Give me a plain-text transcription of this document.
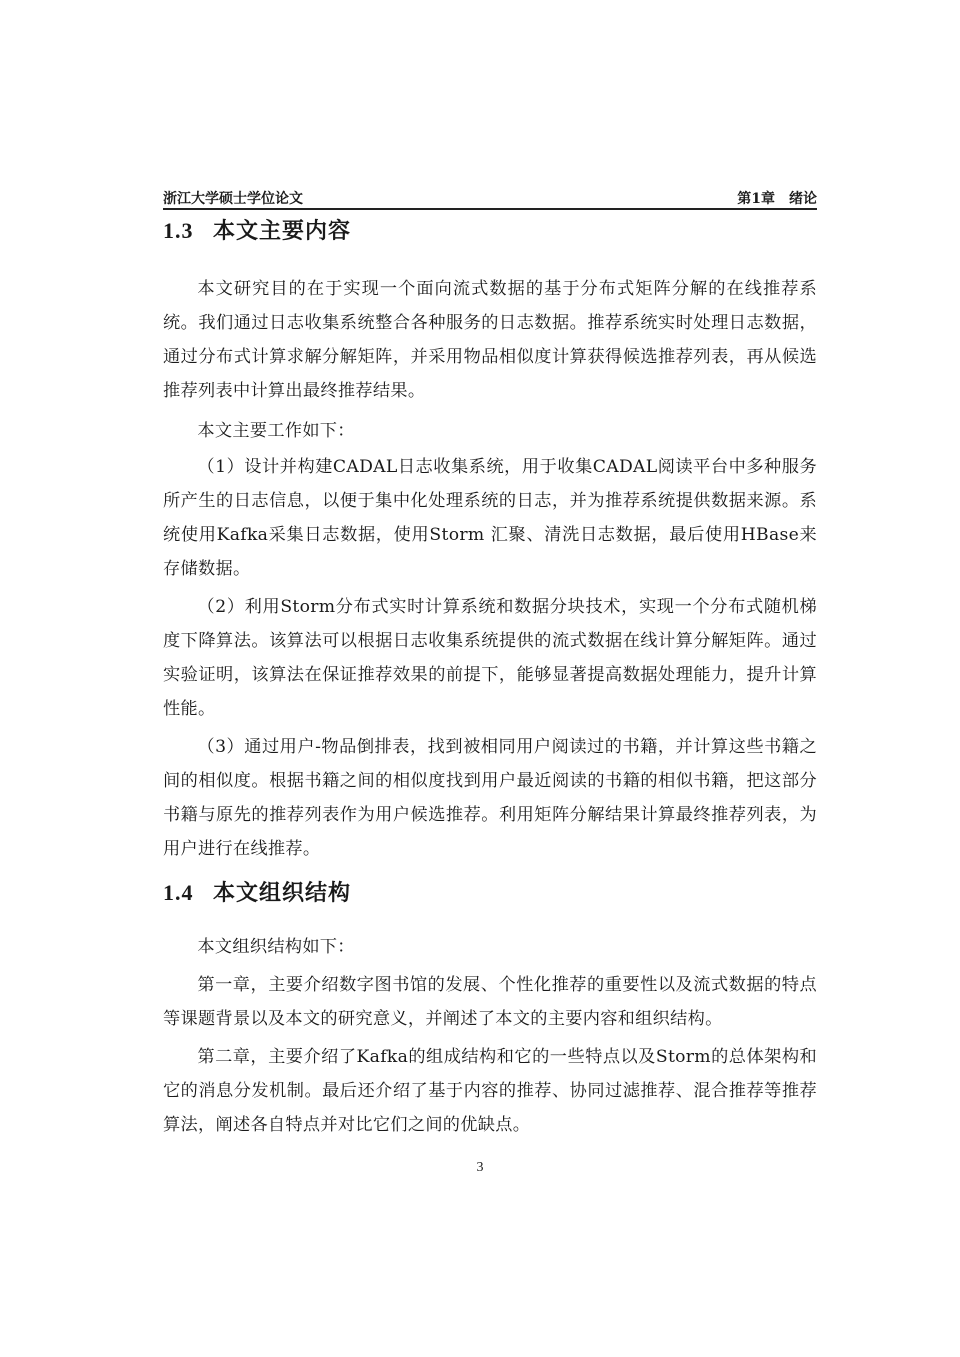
浙江大学硕士学位论文	第1章 绪论
1.3 本文主要内容

本文研究目的在于实现一个面向流式数据的基于分布式矩阵分解的在线推荐系统。我们通过日志收集系统整合各种服务的日志数据。推荐系统实时处理日志数据，通过分布式计算求解分解矩阵，并采用物品相似度计算获得候选推荐列表，再从候选推荐列表中计算出最终推荐结果。

本文主要工作如下：

（1）设计并构建CADAL日志收集系统，用于收集CADAL阅读平台中多种服务所产生的日志信息，以便于集中化处理系统的日志，并为推荐系统提供数据来源。系统使用Kafka采集日志数据，使用Storm 汇聚、清洗日志数据，最后使用HBase来存储数据。

（2）利用Storm分布式实时计算系统和数据分块技术，实现一个分布式随机梯度下降算法。该算法可以根据日志收集系统提供的流式数据在线计算分解矩阵。通过实验证明，该算法在保证推荐效果的前提下，能够显著提高数据处理能力，提升计算性能。

（3）通过用户-物品倒排表，找到被相同用户阅读过的书籍，并计算这些书籍之间的相似度。根据书籍之间的相似度找到用户最近阅读的书籍的相似书籍，把这部分书籍与原先的推荐列表作为用户候选推荐。利用矩阵分解结果计算最终推荐列表，为用户进行在线推荐。

1.4 本文组织结构

本文组织结构如下：

第一章，主要介绍数字图书馆的发展、个性化推荐的重要性以及流式数据的特点等课题背景以及本文的研究意义，并阐述了本文的主要内容和组织结构。

第二章，主要介绍了Kafka的组成结构和它的一些特点以及Storm的总体架构和它的消息分发机制。最后还介绍了基于内容的推荐、协同过滤推荐、混合推荐等推荐算法，阐述各自特点并对比它们之间的优缺点。

3
